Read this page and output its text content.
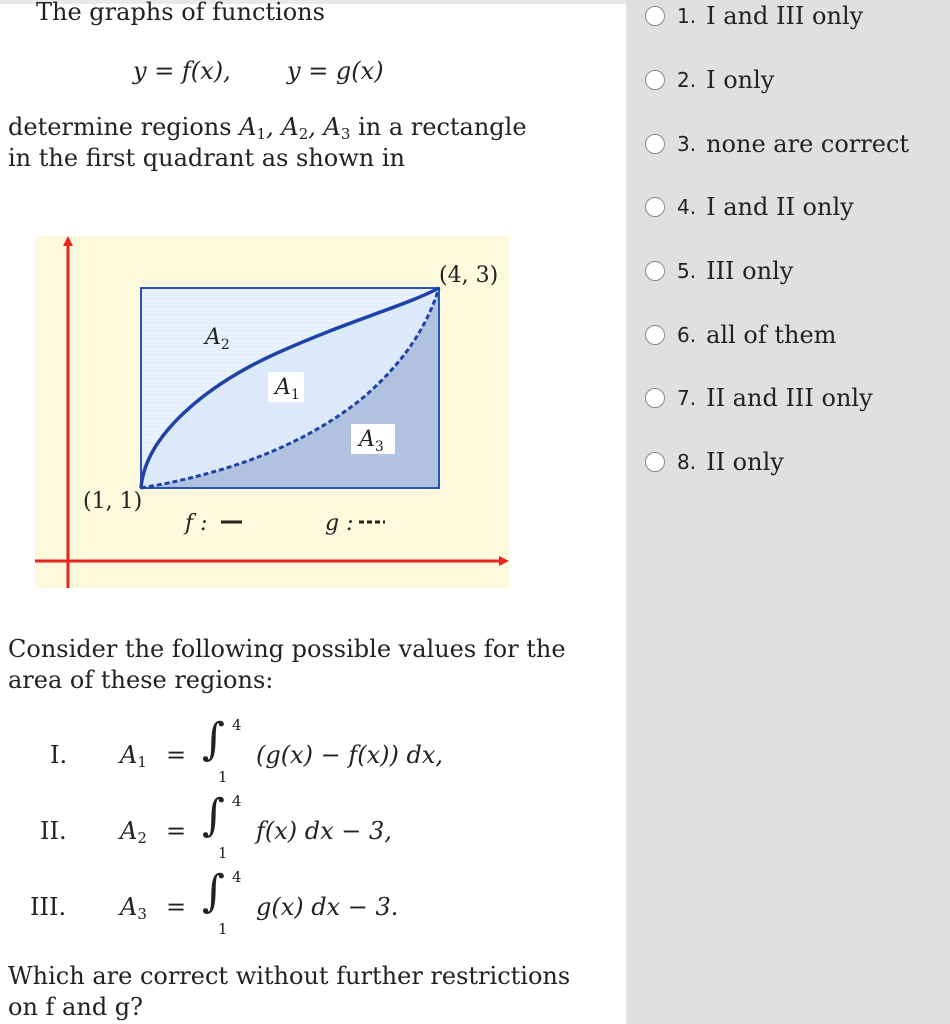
The graphs of functions
y = f(x), y = g(x)
determine regions $A_1$, $A_2$, $A_3$ in a rectangle
in the first quadrant as shown in
$A_2$
$A_1$
$A_3$
(4, 3)
(1, 1)
f :	g :
Consider the following possible values for the
area of these regions:
I. $A_1$ = ∫ 4
1
(g(x) − f(x)) dx,
II. $A_2$ = ∫ 4
1
f(x) dx − 3,
III. $A_3$ = ∫ 4
1
g(x) dx − 3.
Which are correct without further restrictions
on f and g?
1. I and III only
2. I only
3. none are correct
4. I and II only
5. III only
6. all of them
7. II and III only
8. II only
